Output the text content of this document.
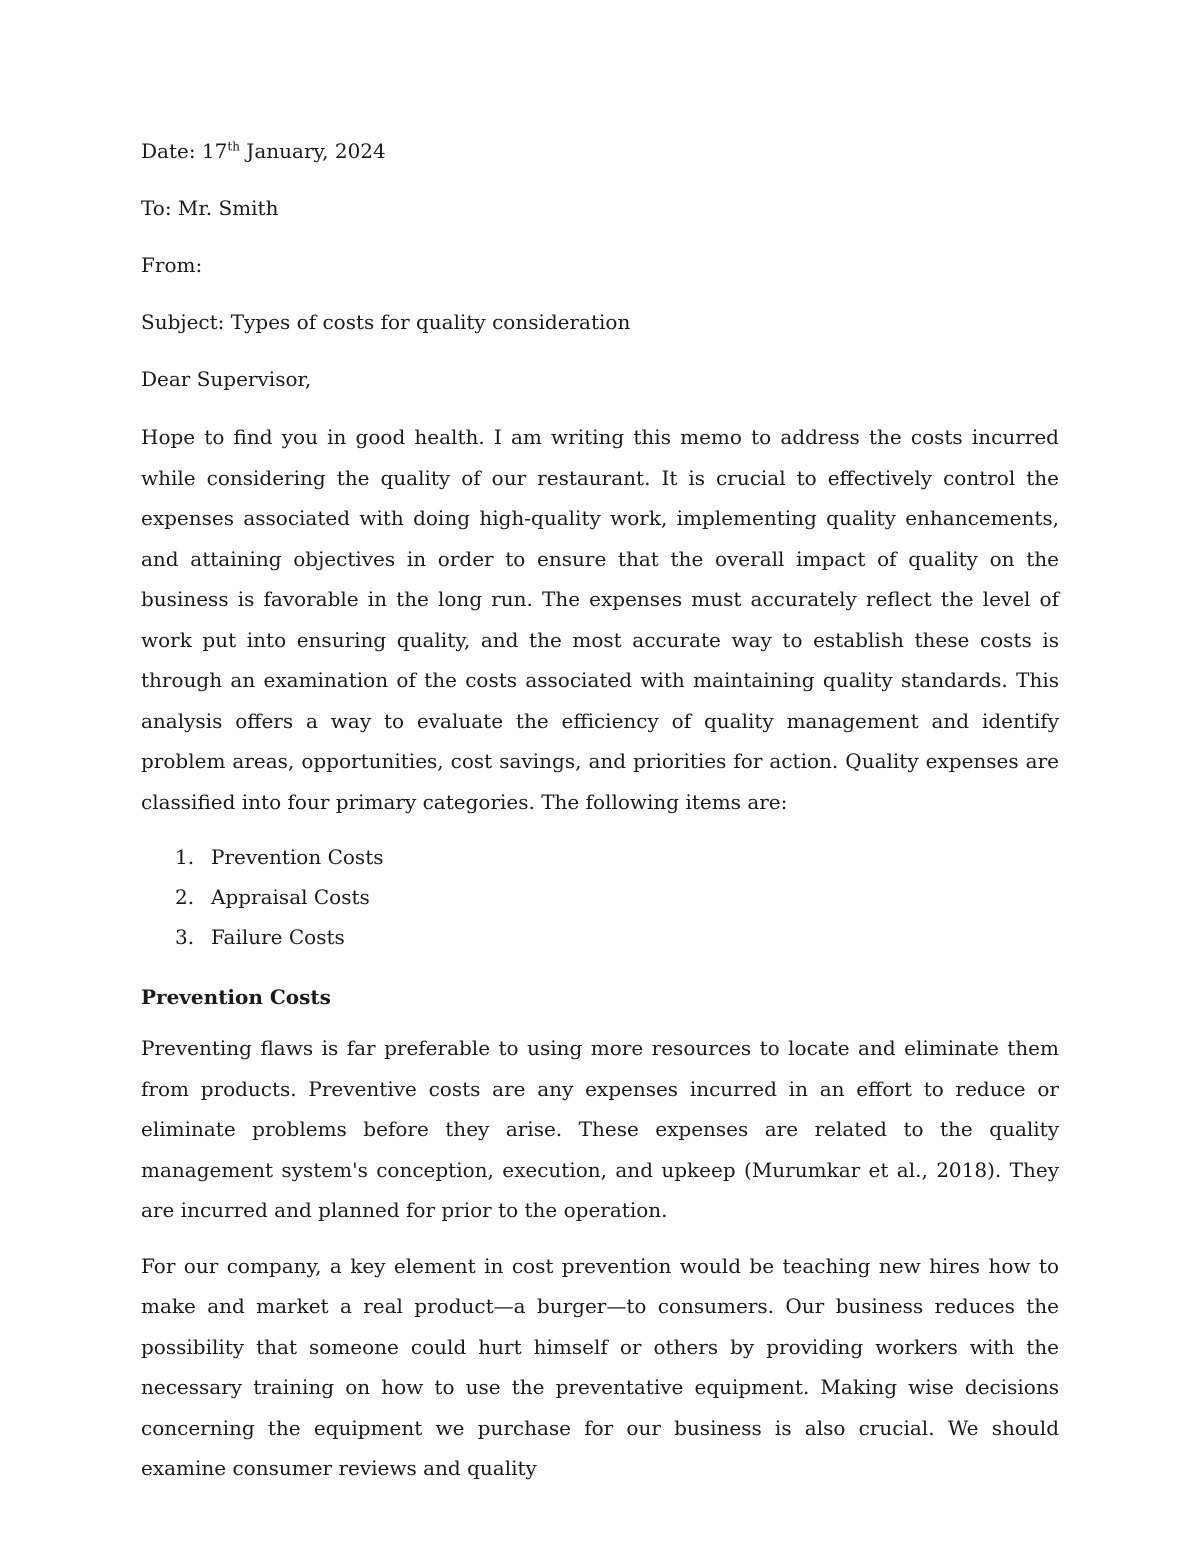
Date: 17th January, 2024
To: Mr. Smith
From:
Subject: Types of costs for quality consideration
Dear Supervisor,

Hope to find you in good health. I am writing this memo to address the costs incurred while considering the quality of our restaurant. It is crucial to effectively control the expenses associated with doing high-quality work, implementing quality enhancements, and attaining objectives in order to ensure that the overall impact of quality on the business is favorable in the long run. The expenses must accurately reflect the level of work put into ensuring quality, and the most accurate way to establish these costs is through an examination of the costs associated with maintaining quality standards. This analysis offers a way to evaluate the efficiency of quality management and identify problem areas, opportunities, cost savings, and priorities for action. Quality expenses are classified into four primary categories. The following items are:

1. Prevention Costs
2. Appraisal Costs
3. Failure Costs
Prevention Costs

Preventing flaws is far preferable to using more resources to locate and eliminate them from products. Preventive costs are any expenses incurred in an effort to reduce or eliminate problems before they arise. These expenses are related to the quality management system's conception, execution, and upkeep (Murumkar et al., 2018). They are incurred and planned for prior to the operation.

For our company, a key element in cost prevention would be teaching new hires how to make and market a real product—a burger—to consumers. Our business reduces the possibility that someone could hurt himself or others by providing workers with the necessary training on how to use the preventative equipment. Making wise decisions concerning the equipment we purchase for our business is also crucial. We should examine consumer reviews and quality
